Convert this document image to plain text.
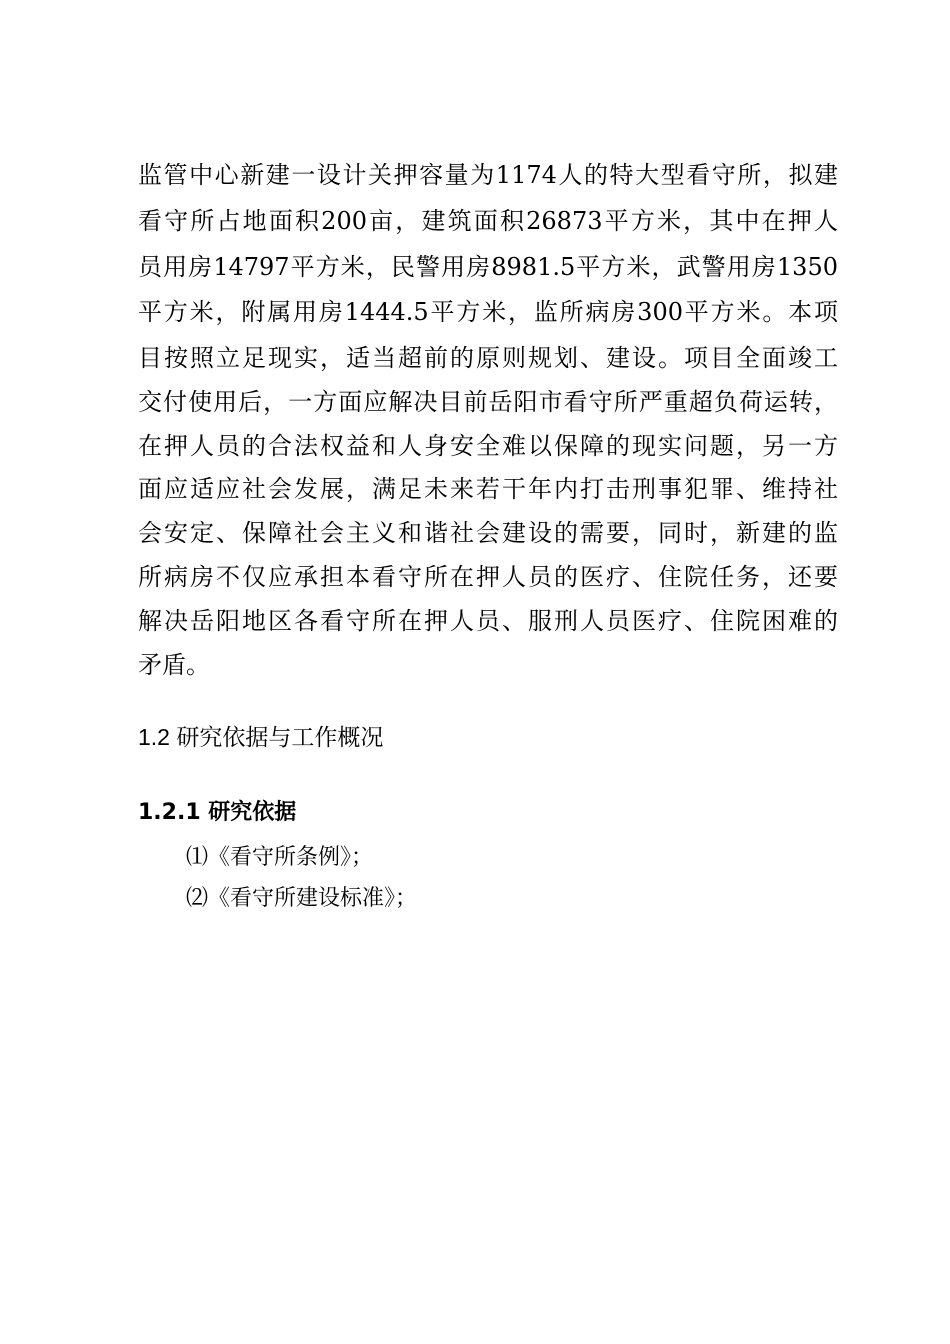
监管中心新建一设计关押容量为1174人的特大型看守所，拟建
看守所占地面积200亩，建筑面积26873平方米，其中在押人
员用房14797平方米，民警用房8981.5平方米，武警用房1350
平方米，附属用房1444.5平方米，监所病房300平方米。本项
目按照立足现实，适当超前的原则规划、建设。项目全面竣工
交付使用后，一方面应解决目前岳阳市看守所严重超负荷运转，
在押人员的合法权益和人身安全难以保障的现实问题，另一方
面应适应社会发展，满足未来若干年内打击刑事犯罪、维持社
会安定、保障社会主义和谐社会建设的需要，同时，新建的监
所病房不仅应承担本看守所在押人员的医疗、住院任务，还要
解决岳阳地区各看守所在押人员、服刑人员医疗、住院困难的
矛盾。
1.2 研究依据与工作概况
1.2.1 研究依据
⑴《看守所条例》；
⑵《看守所建设标准》；
